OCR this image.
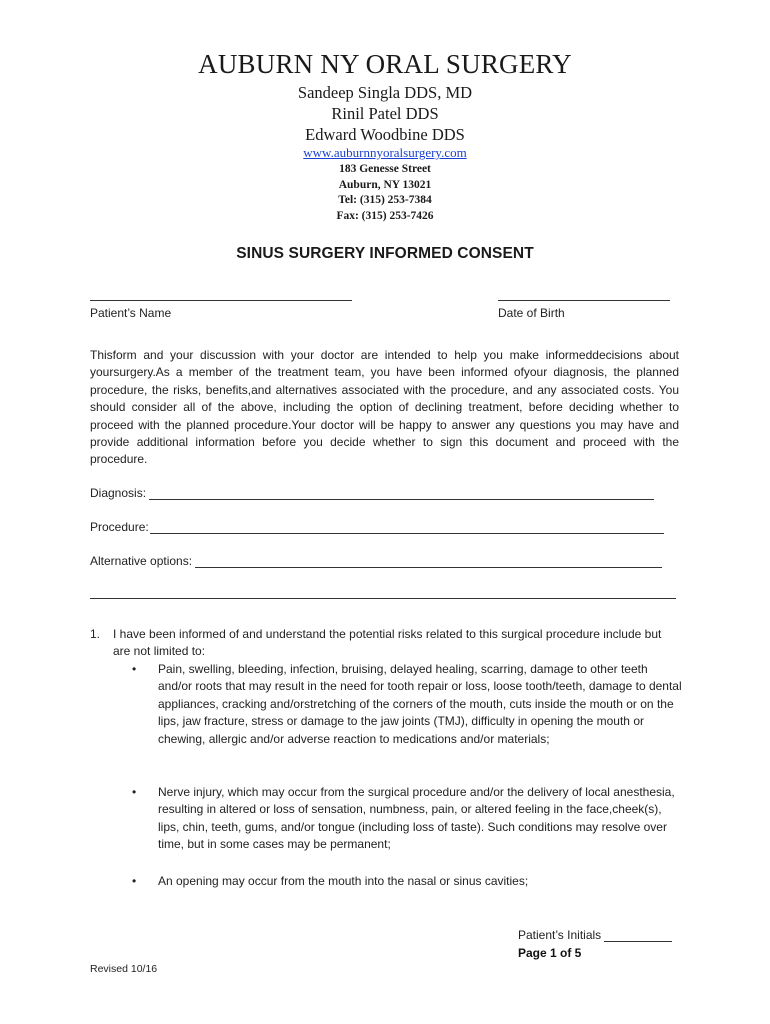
AUBURN NY ORAL SURGERY
Sandeep Singla DDS, MD
Rinil Patel DDS
Edward Woodbine DDS
www.auburnnyoralsurgery.com
183 Genesse Street
Auburn, NY 13021
Tel: (315) 253-7384
Fax: (315) 253-7426
SINUS SURGERY INFORMED CONSENT
Patient’s Name	Date of Birth
Thisform and your discussion with your doctor are intended to help you make informeddecisions about yoursurgery.As a member of the treatment team, you have been informed ofyour diagnosis, the planned procedure, the risks, benefits,and alternatives associated with the procedure, and any associated costs. You should consider all of the above, including the option of declining treatment, before deciding whether to proceed with the planned procedure.Your doctor will be happy to answer any questions you may have and provide additional information before you decide whether to sign this document and proceed with the procedure.
Diagnosis:
Procedure:
Alternative options:
1. I have been informed of and understand the potential risks related to this surgical procedure include but are not limited to:
• Pain, swelling, bleeding, infection, bruising, delayed healing, scarring, damage to other teeth and/or roots that may result in the need for tooth repair or loss, loose tooth/teeth, damage to dental appliances, cracking and/orstretching of the corners of the mouth, cuts inside the mouth or on the lips, jaw fracture, stress or damage to the jaw joints (TMJ), difficulty in opening the mouth or chewing, allergic and/or adverse reaction to medications and/or materials;
• Nerve injury, which may occur from the surgical procedure and/or the delivery of local anesthesia, resulting in altered or loss of sensation, numbness, pain, or altered feeling in the face,cheek(s), lips, chin, teeth, gums, and/or tongue (including loss of taste). Such conditions may resolve over time, but in some cases may be permanent;
• An opening may occur from the mouth into the nasal or sinus cavities;
Patient’s Initials
Page 1 of 5
Revised 10/16
